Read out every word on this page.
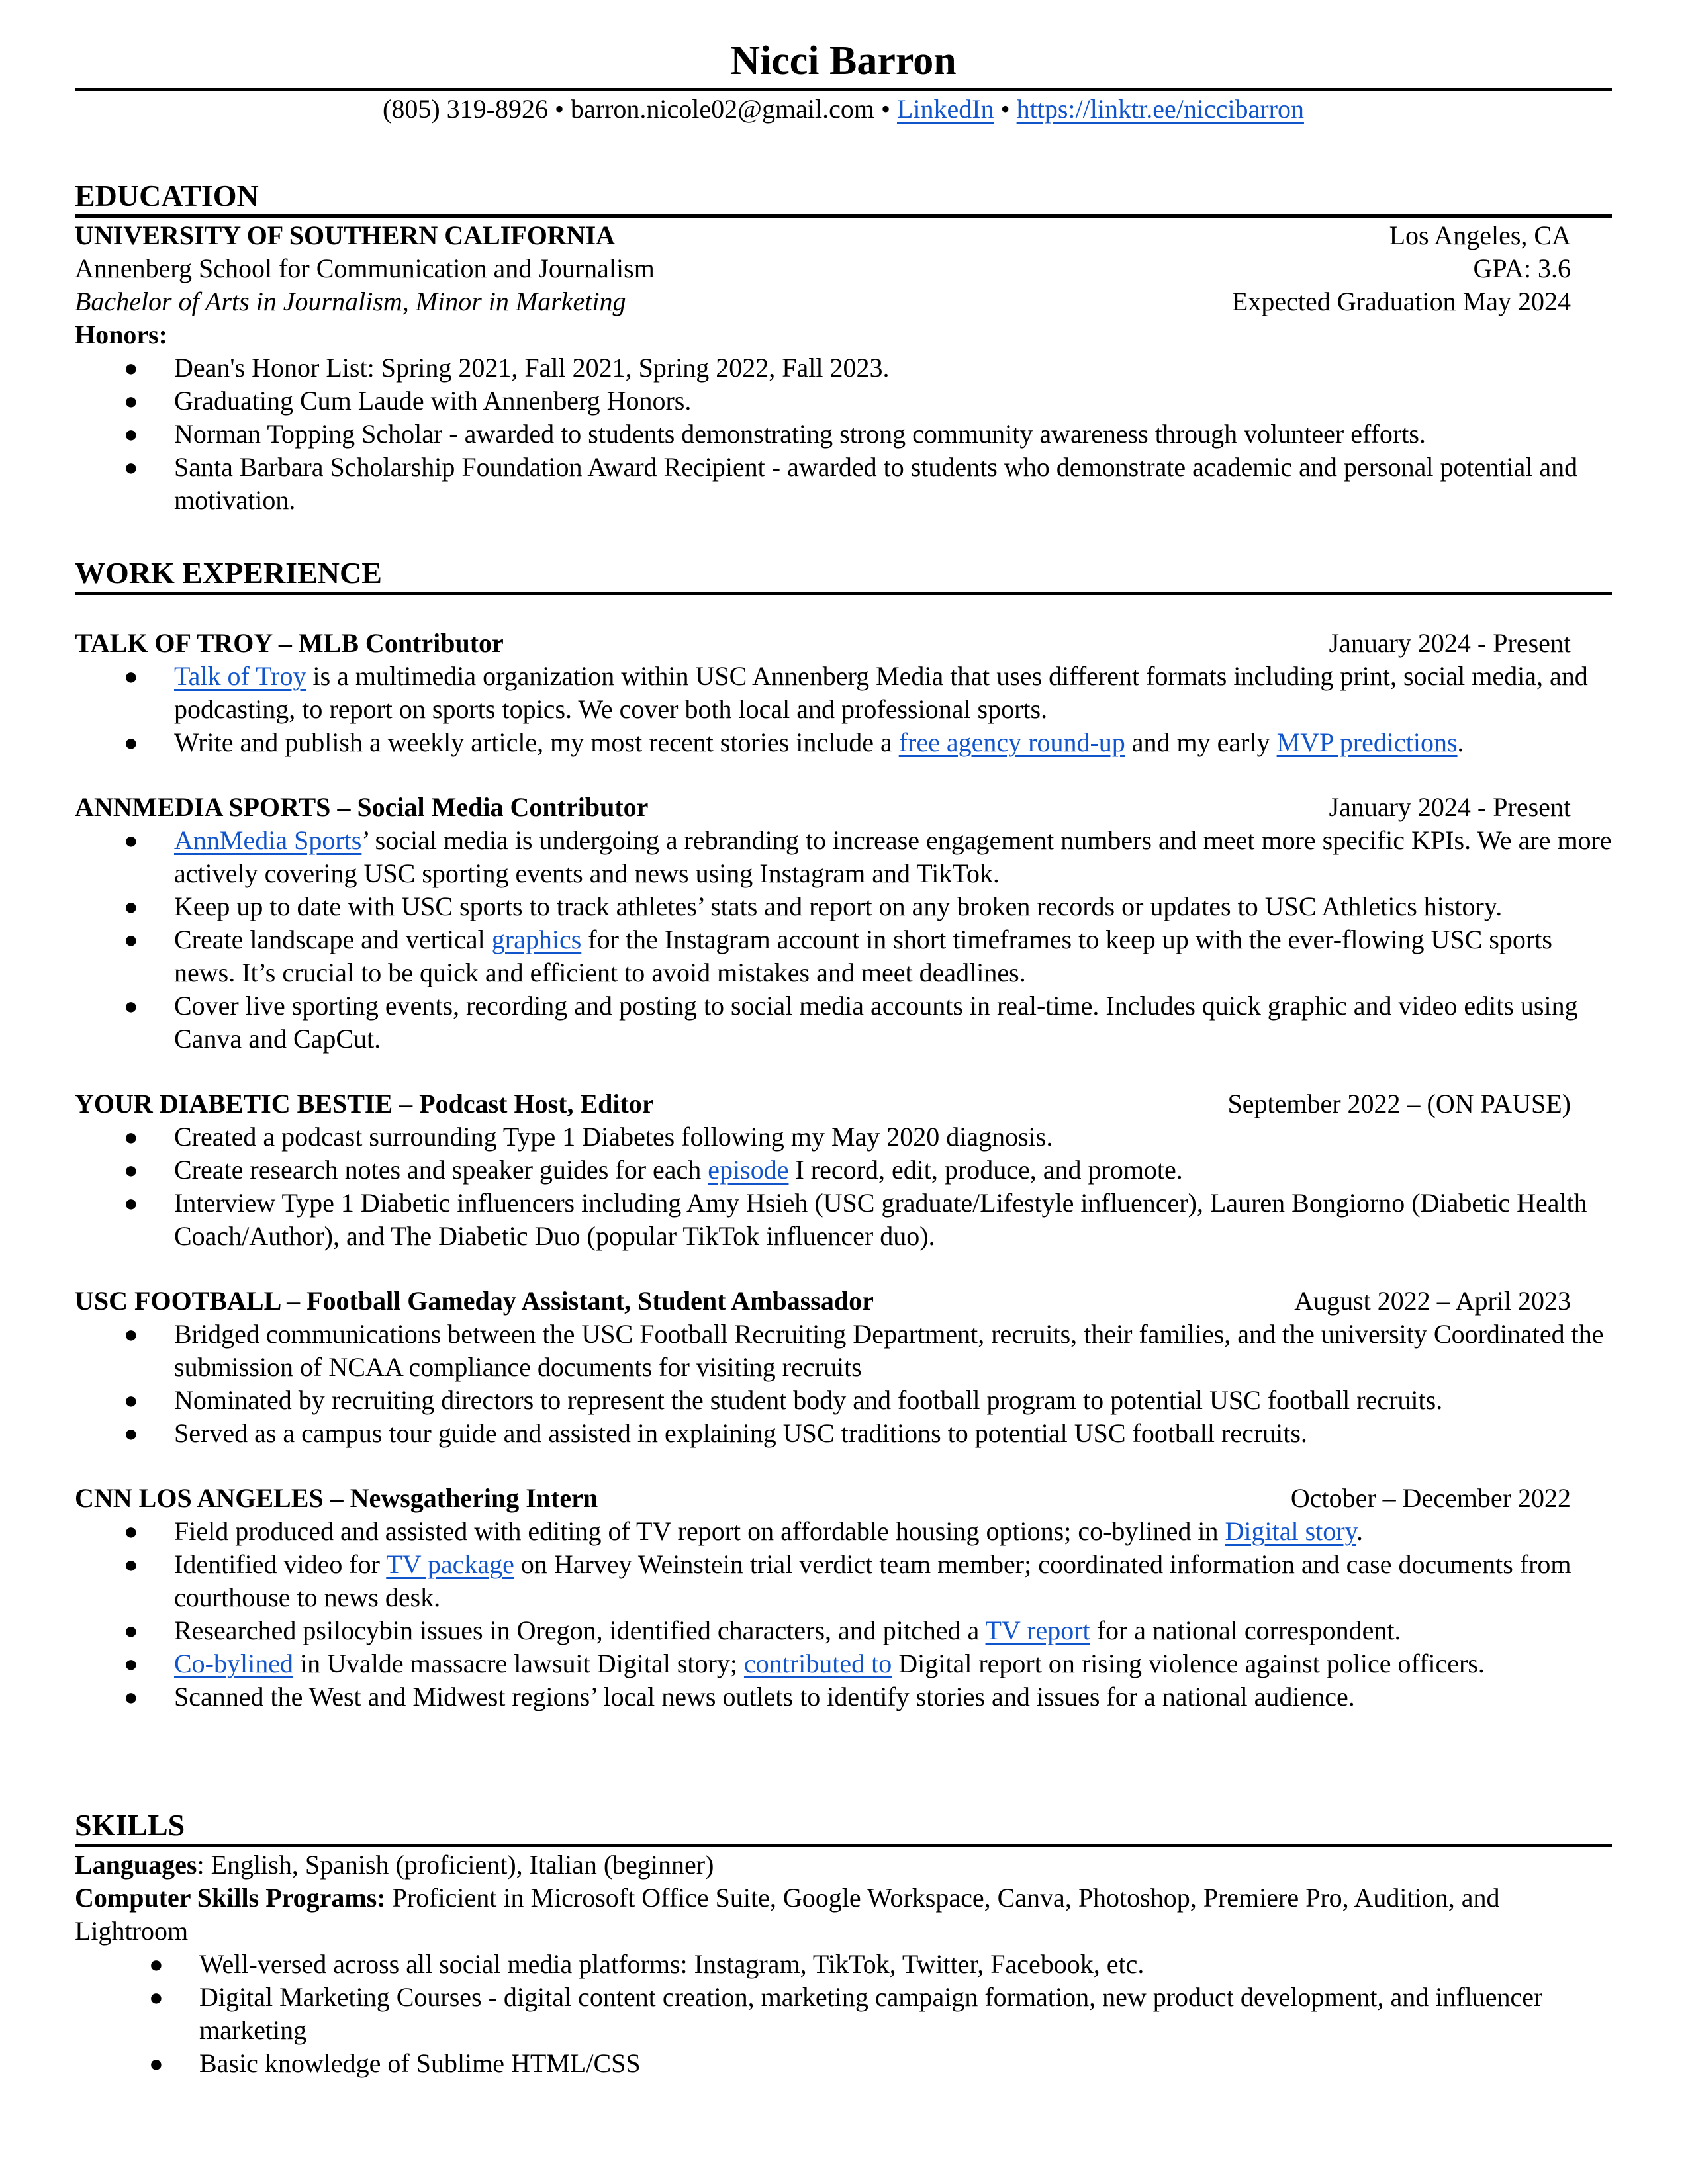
Nicci Barron
(805) 319-8926 • barron.nicole02@gmail.com • LinkedIn • https://linktr.ee/niccibarron
EDUCATION
UNIVERSITY OF SOUTHERN CALIFORNIA	Los Angeles, CA
Annenberg School for Communication and Journalism	GPA: 3.6
Bachelor of Arts in Journalism, Minor in Marketing	Expected Graduation May 2024
Honors:
● Dean's Honor List: Spring 2021, Fall 2021, Spring 2022, Fall 2023.
● Graduating Cum Laude with Annenberg Honors.
● Norman Topping Scholar - awarded to students demonstrating strong community awareness through volunteer efforts.
● Santa Barbara Scholarship Foundation Award Recipient - awarded to students who demonstrate academic and personal potential and motivation.
WORK EXPERIENCE
TALK OF TROY – MLB Contributor	January 2024 - Present
● Talk of Troy is a multimedia organization within USC Annenberg Media that uses different formats including print, social media, and podcasting, to report on sports topics. We cover both local and professional sports.
● Write and publish a weekly article, my most recent stories include a free agency round-up and my early MVP predictions.
ANNMEDIA SPORTS – Social Media Contributor	January 2024 - Present
● AnnMedia Sports’ social media is undergoing a rebranding to increase engagement numbers and meet more specific KPIs. We are more actively covering USC sporting events and news using Instagram and TikTok.
● Keep up to date with USC sports to track athletes’ stats and report on any broken records or updates to USC Athletics history.
● Create landscape and vertical graphics for the Instagram account in short timeframes to keep up with the ever-flowing USC sports news. It’s crucial to be quick and efficient to avoid mistakes and meet deadlines.
● Cover live sporting events, recording and posting to social media accounts in real-time. Includes quick graphic and video edits using Canva and CapCut.
YOUR DIABETIC BESTIE – Podcast Host, Editor	September 2022 – (ON PAUSE)
● Created a podcast surrounding Type 1 Diabetes following my May 2020 diagnosis.
● Create research notes and speaker guides for each episode I record, edit, produce, and promote.
● Interview Type 1 Diabetic influencers including Amy Hsieh (USC graduate/Lifestyle influencer), Lauren Bongiorno (Diabetic Health Coach/Author), and The Diabetic Duo (popular TikTok influencer duo).
USC FOOTBALL – Football Gameday Assistant, Student Ambassador	August 2022 – April 2023
● Bridged communications between the USC Football Recruiting Department, recruits, their families, and the university Coordinated the submission of NCAA compliance documents for visiting recruits
● Nominated by recruiting directors to represent the student body and football program to potential USC football recruits.
● Served as a campus tour guide and assisted in explaining USC traditions to potential USC football recruits.
CNN LOS ANGELES – Newsgathering Intern	October – December 2022
● Field produced and assisted with editing of TV report on affordable housing options; co-bylined in Digital story.
● Identified video for TV package on Harvey Weinstein trial verdict team member; coordinated information and case documents from courthouse to news desk.
● Researched psilocybin issues in Oregon, identified characters, and pitched a TV report for a national correspondent.
● Co-bylined in Uvalde massacre lawsuit Digital story; contributed to Digital report on rising violence against police officers.
● Scanned the West and Midwest regions’ local news outlets to identify stories and issues for a national audience.
SKILLS
Languages: English, Spanish (proficient), Italian (beginner)
Computer Skills Programs: Proficient in Microsoft Office Suite, Google Workspace, Canva, Photoshop, Premiere Pro, Audition, and Lightroom
● Well-versed across all social media platforms: Instagram, TikTok, Twitter, Facebook, etc.
● Digital Marketing Courses - digital content creation, marketing campaign formation, new product development, and influencer marketing
● Basic knowledge of Sublime HTML/CSS
